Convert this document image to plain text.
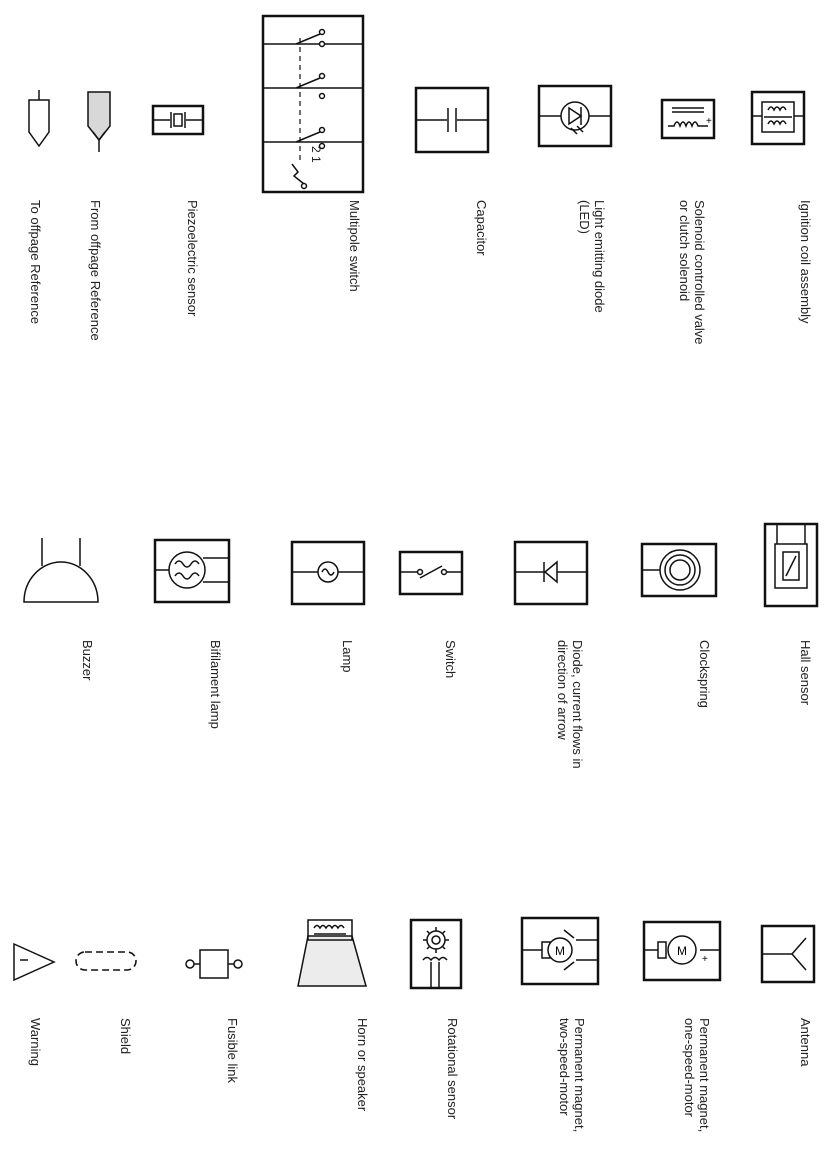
To offpage Reference	From offpage Reference	Piezoelectric sensor
2 1
Multipole switch	Capacitor	Light emitting diode
(LED)
+
Solenoid controlled valve
or clutch solenoid	Ignition coil assembly
Buzzer	Bifilament lamp	Lamp	Switch	Diode, current flows in
direction of arrow	Clockspring	Hall sensor
Warning	Shield	Fusible link	Horn or speaker	Rotational sensor
M
Permanent magnet,
two-speed-motor
M
+
Permanent magnet,
one-speed-motor	Antenna
